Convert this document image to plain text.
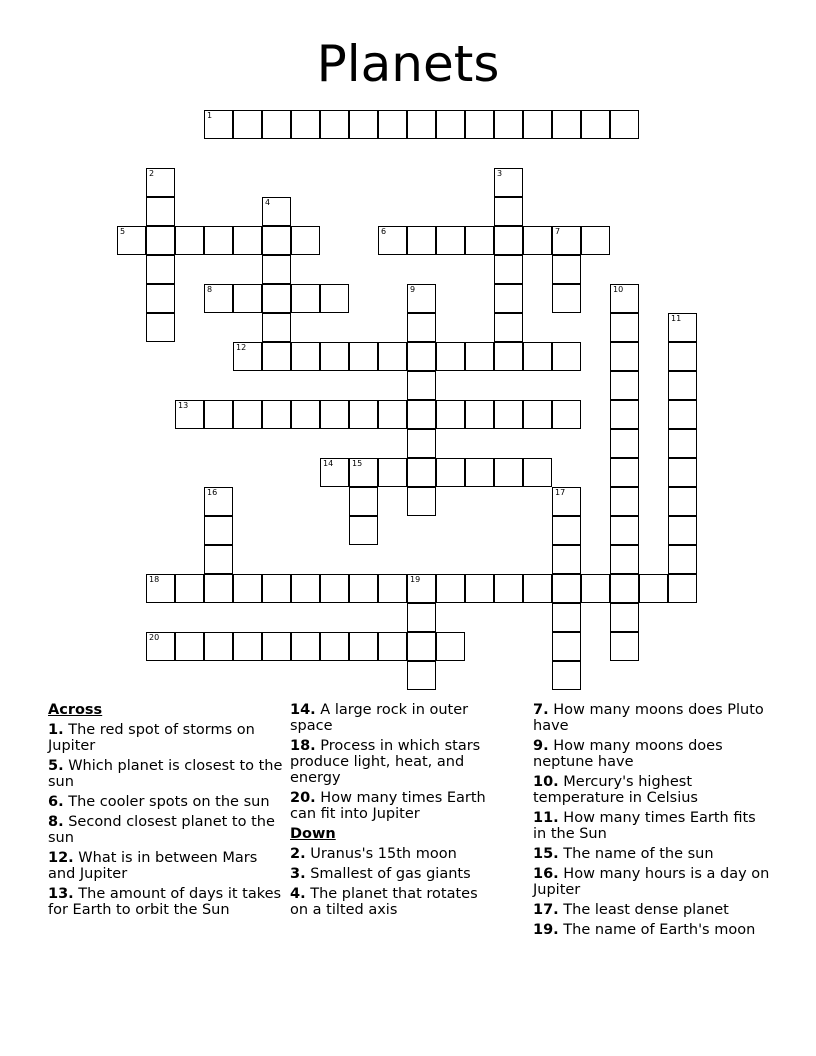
Planets
1
2	3
4
5	6	7
8	9	10
11
12
13
14 15
16	17
18	19
20
Across
1. The red spot of storms on Jupiter
5. Which planet is closest to the sun
6. The cooler spots on the sun
8. Second closest planet to the sun
12. What is in between Mars and Jupiter
13. The amount of days it takes for Earth to orbit the Sun
14. A large rock in outer space
18. Process in which stars produce light, heat, and energy
20. How many times Earth can fit into Jupiter
Down
2. Uranus's 15th moon
3. Smallest of gas giants
4. The planet that rotates on a tilted axis
7. How many moons does Pluto have
9. How many moons does neptune have
10. Mercury's highest temperature in Celsius
11. How many times Earth fits in the Sun
15. The name of the sun
16. How many hours is a day on Jupiter
17. The least dense planet
19. The name of Earth's moon
